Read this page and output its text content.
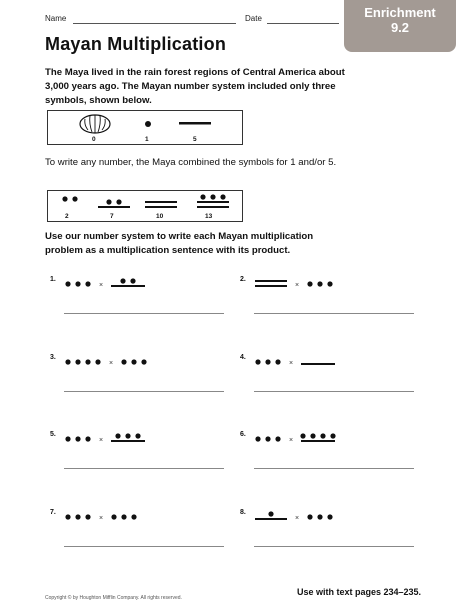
Name	Date	Enrichment
9.2
Mayan Multiplication
The Maya lived in the rain forest regions of Central America about 3,000 years ago. The Mayan number system included only three symbols, shown below.
0	1	5
To write any number, the Maya combined the symbols for 1 and/or 5.
2	7	10	13
Use our number system to write each Mayan multiplication problem as a multiplication sentence with its product.
1.
×
2.
×
3.
×
4.
×
5.
×
6.
×
7.
×
8.
×
Copyright © by Houghton Mifflin Company. All rights reserved.
Use with text pages 234–235.
